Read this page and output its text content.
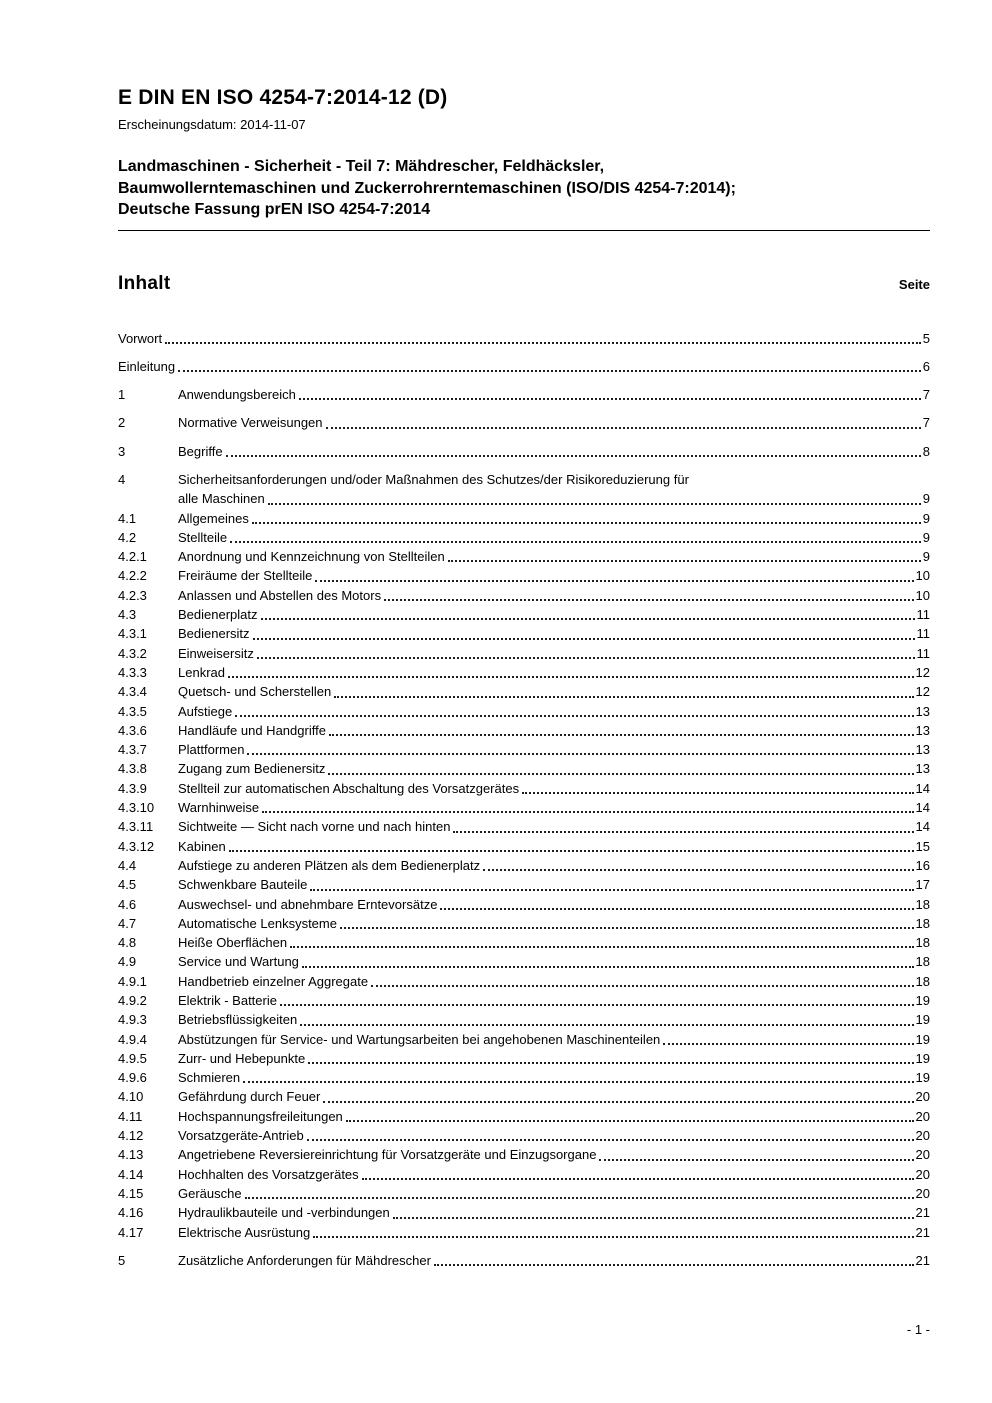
E DIN EN ISO 4254-7:2014-12 (D)
Erscheinungsdatum: 2014-11-07
Landmaschinen - Sicherheit - Teil 7: Mähdrescher, Feldhäcksler,
Baumwollerntemaschinen und Zuckerrohrerntemaschinen (ISO/DIS 4254-7:2014);
Deutsche Fassung prEN ISO 4254-7:2014
Inhalt	Seite
Vorwort	5
Einleitung	6
1	Anwendungsbereich	7
2	Normative Verweisungen	7
3	Begriffe	8
4	Sicherheitsanforderungen und/oder Maßnahmen des Schutzes/der Risikoreduzierung für
alle Maschinen	9
4.1	Allgemeines	9
4.2	Stellteile	9
4.2.1	Anordnung und Kennzeichnung von Stellteilen	9
4.2.2	Freiräume der Stellteile	10
4.2.3	Anlassen und Abstellen des Motors	10
4.3	Bedienerplatz	11
4.3.1	Bedienersitz	11
4.3.2	Einweisersitz	11
4.3.3	Lenkrad	12
4.3.4	Quetsch- und Scherstellen	12
4.3.5	Aufstiege	13
4.3.6	Handläufe und Handgriffe	13
4.3.7	Plattformen	13
4.3.8	Zugang zum Bedienersitz	13
4.3.9	Stellteil zur automatischen Abschaltung des Vorsatzgerätes	14
4.3.10	Warnhinweise	14
4.3.11	Sichtweite — Sicht nach vorne und nach hinten	14
4.3.12	Kabinen	15
4.4	Aufstiege zu anderen Plätzen als dem Bedienerplatz	16
4.5	Schwenkbare Bauteile	17
4.6	Auswechsel- und abnehmbare Erntevorsätze	18
4.7	Automatische Lenksysteme	18
4.8	Heiße Oberflächen	18
4.9	Service und Wartung	18
4.9.1	Handbetrieb einzelner Aggregate	18
4.9.2	Elektrik - Batterie	19
4.9.3	Betriebsflüssigkeiten	19
4.9.4	Abstützungen für Service- und Wartungsarbeiten bei angehobenen Maschinenteilen	19
4.9.5	Zurr- und Hebepunkte	19
4.9.6	Schmieren	19
4.10	Gefährdung durch Feuer	20
4.11	Hochspannungsfreileitungen	20
4.12	Vorsatzgeräte-Antrieb	20
4.13	Angetriebene Reversiereinrichtung für Vorsatzgeräte und Einzugsorgane	20
4.14	Hochhalten des Vorsatzgerätes	20
4.15	Geräusche	20
4.16	Hydraulikbauteile und -verbindungen	21
4.17	Elektrische Ausrüstung	21
5	Zusätzliche Anforderungen für Mähdrescher	21
- 1 -
